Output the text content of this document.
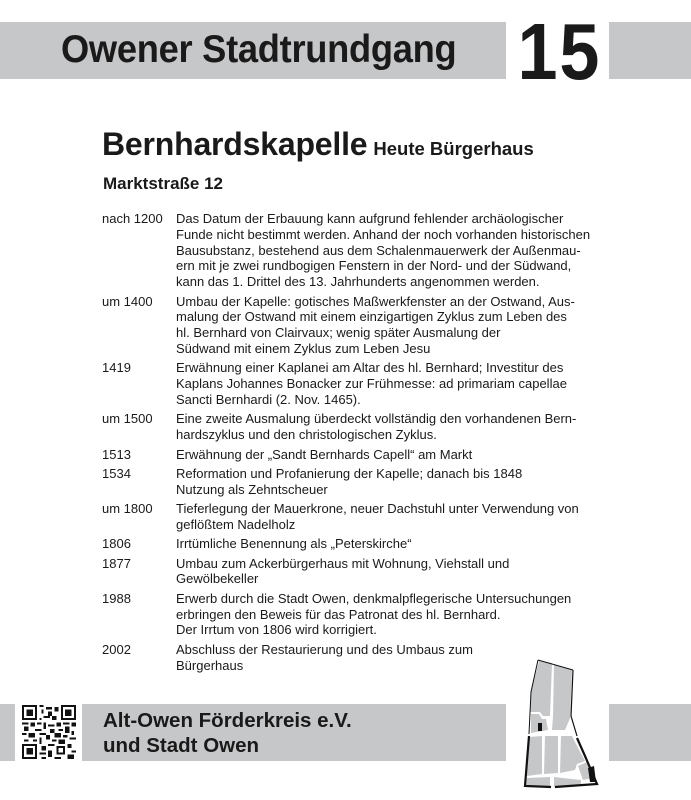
Owener Stadtrundgang 15
Bernhardskapelle Heute Bürgerhaus
Marktstraße 12
nach 1200	Das Datum der Erbauung kann aufgrund fehlender archäologischer
Funde nicht bestimmt werden. Anhand der noch vorhanden historischen
Bausubstanz, bestehend aus dem Schalenmauerwerk der Außenmau-
ern mit je zwei rundbogigen Fenstern in der Nord- und der Südwand,
kann das 1. Drittel des 13. Jahrhunderts angenommen werden.
um 1400	Umbau der Kapelle: gotisches Maßwerkfenster an der Ostwand, Aus-
malung der Ostwand mit einem einzigartigen Zyklus zum Leben des
hl. Bernhard von Clairvaux; wenig später Ausmalung der
Südwand mit einem Zyklus zum Leben Jesu
1419	Erwähnung einer Kaplanei am Altar des hl. Bernhard; Investitur des
Kaplans Johannes Bonacker zur Frühmesse: ad primariam capellae
Sancti Bernhardi (2. Nov. 1465).
um 1500	Eine zweite Ausmalung überdeckt vollständig den vorhandenen Bern-
hardszyklus und den christologischen Zyklus.
1513	Erwähnung der „Sandt Bernhards Capell“ am Markt
1534	Reformation und Profanierung der Kapelle; danach bis 1848
Nutzung als Zehntscheuer
um 1800	Tieferlegung der Mauerkrone, neuer Dachstuhl unter Verwendung von
geflößtem Nadelholz
1806	Irrtümliche Benennung als „Peterskirche“
1877	Umbau zum Ackerbürgerhaus mit Wohnung, Viehstall und
Gewölbekeller
1988	Erwerb durch die Stadt Owen, denkmalpflegerische Untersuchungen
erbringen den Beweis für das Patronat des hl. Bernhard.
Der Irrtum von 1806 wird korrigiert.
2002	Abschluss der Restaurierung und des Umbaus zum
Bürgerhaus
Alt-Owen Förderkreis e.V.
und Stadt Owen
